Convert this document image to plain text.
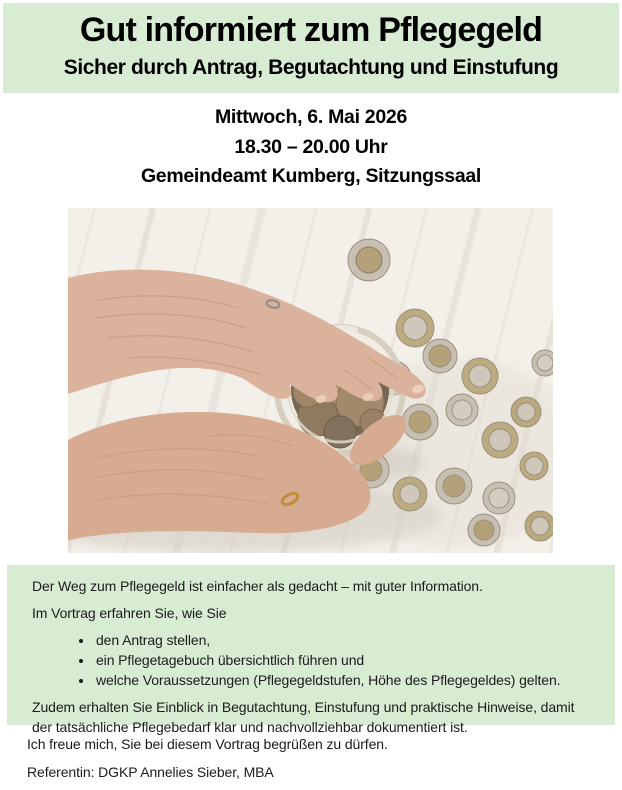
Gut informiert zum Pflegegeld
Sicher durch Antrag, Begutachtung und Einstufung
Mittwoch, 6. Mai 2026
18.30 – 20.00 Uhr
Gemeindeamt Kumberg, Sitzungssaal

Der Weg zum Pflegegeld ist einfacher als gedacht – mit guter Information.

Im Vortrag erfahren Sie, wie Sie

• den Antrag stellen,
• ein Pflegetagebuch übersichtlich führen und
• welche Voraussetzungen (Pflegegeldstufen, Höhe des Pflegegeldes) gelten.

Zudem erhalten Sie Einblick in Begutachtung, Einstufung und praktische Hinweise, damit der tatsächliche Pflegebedarf klar und nachvollziehbar dokumentiert ist.

Ich freue mich, Sie bei diesem Vortrag begrüßen zu dürfen.
Referentin: DGKP Annelies Sieber, MBA
